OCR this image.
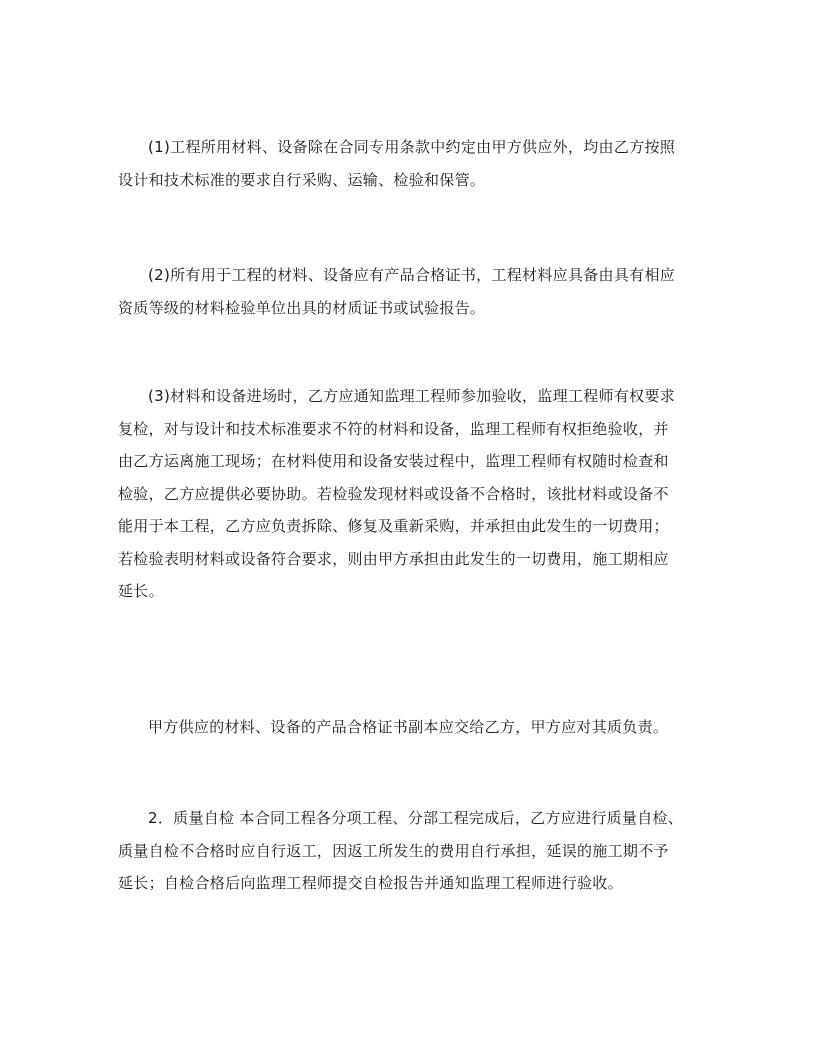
(1)工程所用材料、设备除在合同专用条款中约定由甲方供应外，均由乙方按照
设计和技术标准的要求自行采购、运输、检验和保管。
(2)所有用于工程的材料、设备应有产品合格证书，工程材料应具备由具有相应
资质等级的材料检验单位出具的材质证书或试验报告。
(3)材料和设备进场时，乙方应通知监理工程师参加验收，监理工程师有权要求
复检，对与设计和技术标准要求不符的材料和设备，监理工程师有权拒绝验收，并
由乙方运离施工现场；在材料使用和设备安装过程中，监理工程师有权随时检查和
检验，乙方应提供必要协助。若检验发现材料或设备不合格时，该批材料或设备不
能用于本工程，乙方应负责拆除、修复及重新采购，并承担由此发生的一切费用；
若检验表明材料或设备符合要求，则由甲方承担由此发生的一切费用，施工期相应
延长。
甲方供应的材料、设备的产品合格证书副本应交给乙方，甲方应对其质负责。
2．质量自检 本合同工程各分项工程、分部工程完成后，乙方应进行质量自检、
质量自检不合格时应自行返工，因返工所发生的费用自行承担，延误的施工期不予
延长；自检合格后向监理工程师提交自检报告并通知监理工程师进行验收。
